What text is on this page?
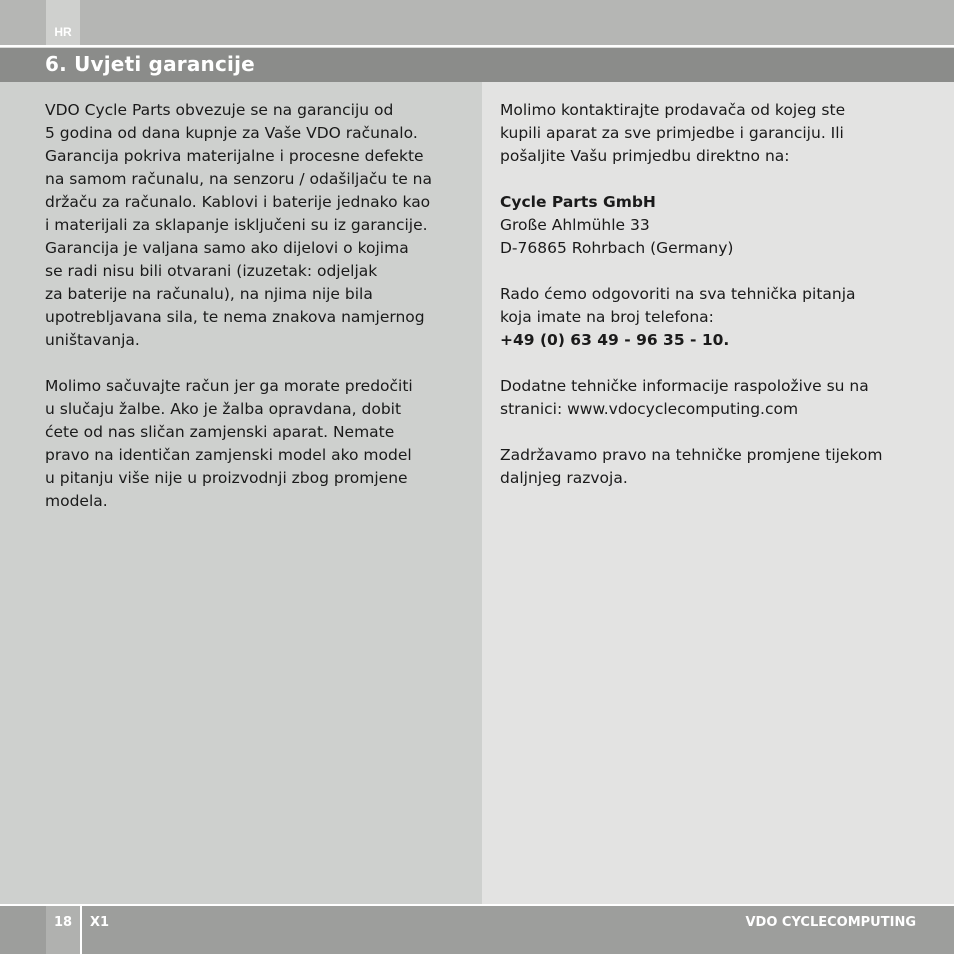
HR
6. Uvjeti garancije

VDO Cycle Parts obvezuje se na garanciju od
5 godina od dana kupnje za Vaše VDO računalo.
Garancija pokriva materijalne i procesne defekte
na samom računalu, na senzoru / odašiljaču te na
držaču za računalo. Kablovi i baterije jednako kao
i materijali za sklapanje isključeni su iz garancije.
Garancija je valjana samo ako dijelovi o kojima
se radi nisu bili otvarani (izuzetak: odjeljak
za baterije na računalu), na njima nije bila
upotrebljavana sila, te nema znakova namjernog
uništavanja.

Molimo sačuvajte račun jer ga morate predočiti
u slučaju žalbe. Ako je žalba opravdana, dobit
ćete od nas sličan zamjenski aparat. Nemate
pravo na identičan zamjenski model ako model
u pitanju više nije u proizvodnji zbog promjene
modela.

Molimo kontaktirajte prodavača od kojeg ste
kupili aparat za sve primjedbe i garanciju. Ili
pošaljite Vašu primjedbu direktno na:

Cycle Parts GmbH

Große Ahlmühle 33

D-76865 Rohrbach (Germany)

Rado ćemo odgovoriti na sva tehnička pitanja
koja imate na broj telefona:

+49 (0) 63 49 - 96 35 - 10.

Dodatne tehničke informacije raspoložive su na
stranici: www.vdocyclecomputing.com

Zadržavamo pravo na tehničke promjene tijekom
daljnjeg razvoja.

18 X1	VDO CYCLECOMPUTING
